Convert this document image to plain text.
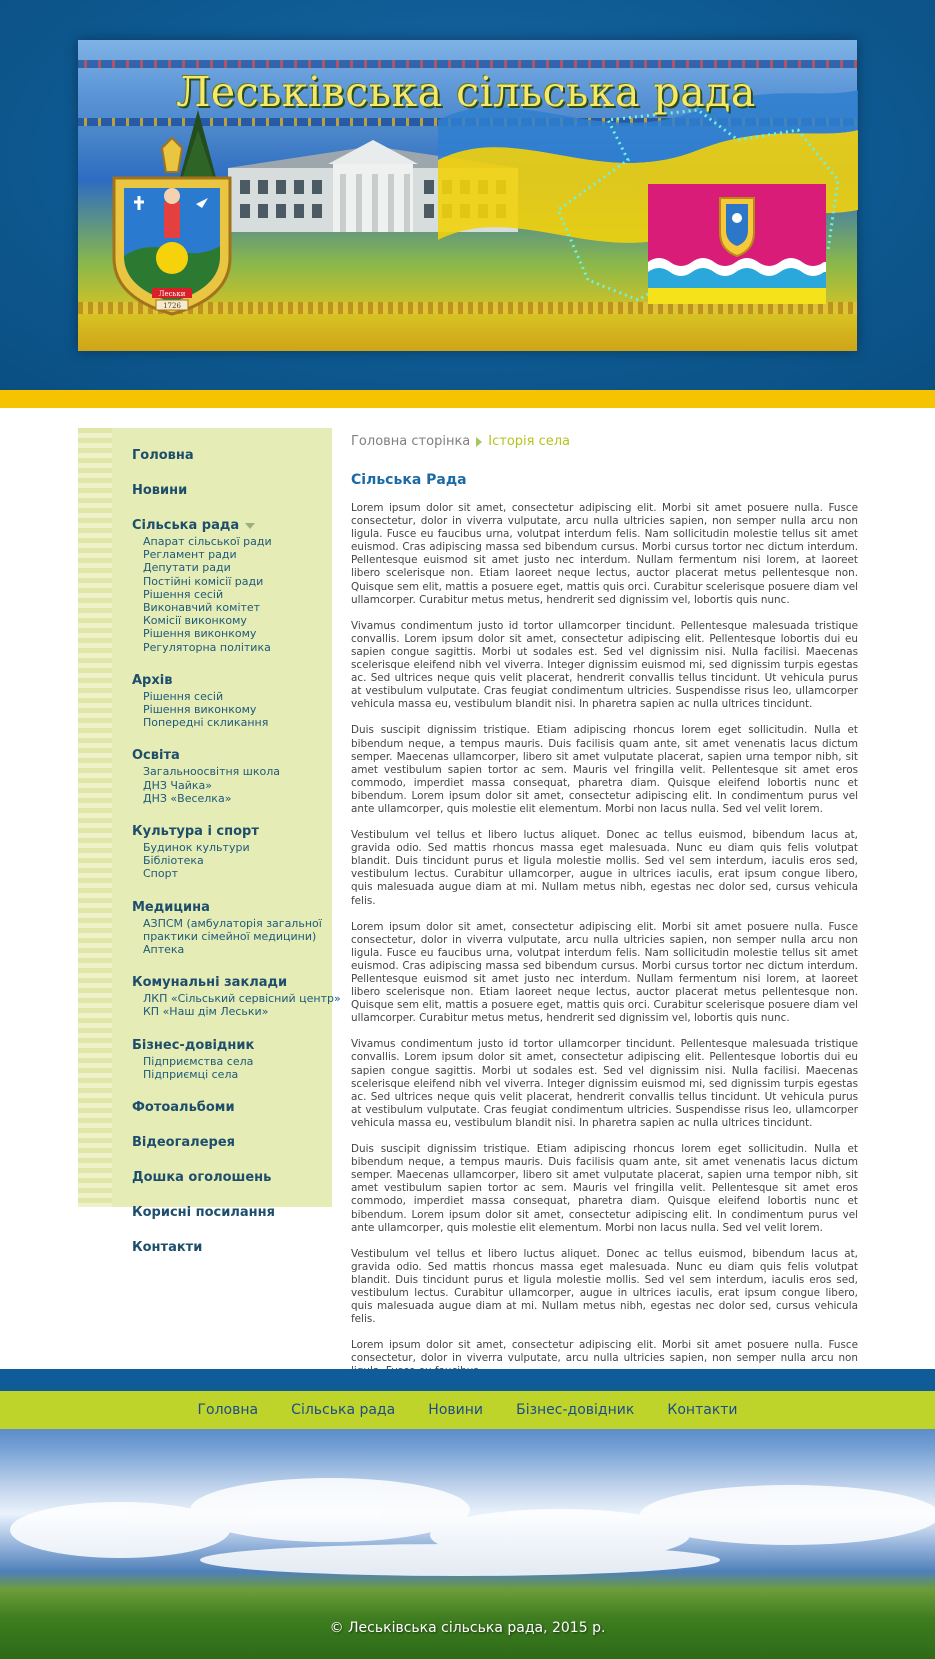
Леськи
1726
Леськівська сільська рада
Головна
Новини
Сільська рада
Апарат сільської ради
Регламент ради
Депутати ради
Постійні комісії ради
Рішення сесій
Виконавчий комітет
Комісії виконкому
Рішення виконкому
Регуляторна політика
Архів
Рішення сесій
Рішення виконкому
Попередні скликання
Освіта
Загальноосвітня школа
ДНЗ Чайка»
ДНЗ «Веселка»
Культура і спорт
Будинок культури
Бібліотека
Спорт
Медицина
АЗПСМ (амбулаторія загальної
практики сімейної медицини)
Аптека
Комунальні заклади
ЛКП «Сільський сервісний центр»
КП «Наш дім Леськи»
Бізнес-довідник
Підприємства села
Підприємці села
Фотоальбоми
Відеогалерея
Дошка оголошень
Корисні посилання
Контакти
Головна сторінка Історія села
Сільська Рада

Lorem ipsum dolor sit amet, consectetur adipiscing elit. Morbi sit amet posuere nulla. Fusce consectetur, dolor in viverra vulputate, arcu nulla ultricies sapien, non semper nulla arcu non ligula. Fusce eu faucibus urna, volutpat interdum felis. Nam sollicitudin molestie tellus sit amet euismod. Cras adipiscing massa sed bibendum cursus. Morbi cursus tortor nec dictum interdum. Pellentesque euismod sit amet justo nec interdum. Nullam fermentum nisi lorem, at laoreet libero scelerisque non. Etiam laoreet neque lectus, auctor placerat metus pellentesque non. Quisque sem elit, mattis a posuere eget, mattis quis orci. Curabitur scelerisque posuere diam vel ullamcorper. Curabitur metus metus, hendrerit sed dignissim vel, lobortis quis nunc.

Vivamus condimentum justo id tortor ullamcorper tincidunt. Pellentesque malesuada tristique convallis. Lorem ipsum dolor sit amet, consectetur adipiscing elit. Pellentesque lobortis dui eu sapien congue sagittis. Morbi ut sodales est. Sed vel dignissim nisi. Nulla facilisi. Maecenas scelerisque eleifend nibh vel viverra. Integer dignissim euismod mi, sed dignissim turpis egestas ac. Sed ultrices neque quis velit placerat, hendrerit convallis tellus tincidunt. Ut vehicula purus at vestibulum vulputate. Cras feugiat condimentum ultricies. Suspendisse risus leo, ullamcorper vehicula massa eu, vestibulum blandit nisi. In pharetra sapien ac nulla ultrices tincidunt.

Duis suscipit dignissim tristique. Etiam adipiscing rhoncus lorem eget sollicitudin. Nulla et bibendum neque, a tempus mauris. Duis facilisis quam ante, sit amet venenatis lacus dictum semper. Maecenas ullamcorper, libero sit amet vulputate placerat, sapien urna tempor nibh, sit amet vestibulum sapien tortor ac sem. Mauris vel fringilla velit. Pellentesque sit amet eros commodo, imperdiet massa consequat, pharetra diam. Quisque eleifend lobortis nunc et bibendum. Lorem ipsum dolor sit amet, consectetur adipiscing elit. In condimentum purus vel ante ullamcorper, quis molestie elit elementum. Morbi non lacus nulla. Sed vel velit lorem.

Vestibulum vel tellus et libero luctus aliquet. Donec ac tellus euismod, bibendum lacus at, gravida odio. Sed mattis rhoncus massa eget malesuada. Nunc eu diam quis felis volutpat blandit. Duis tincidunt purus et ligula molestie mollis. Sed vel sem interdum, iaculis eros sed, vestibulum lectus. Curabitur ullamcorper, augue in ultrices iaculis, erat ipsum congue libero, quis malesuada augue diam at mi. Nullam metus nibh, egestas nec dolor sed, cursus vehicula felis.

Lorem ipsum dolor sit amet, consectetur adipiscing elit. Morbi sit amet posuere nulla. Fusce consectetur, dolor in viverra vulputate, arcu nulla ultricies sapien, non semper nulla arcu non ligula. Fusce eu faucibus urna, volutpat interdum felis. Nam sollicitudin molestie tellus sit amet euismod. Cras adipiscing massa sed bibendum cursus. Morbi cursus tortor nec dictum interdum. Pellentesque euismod sit amet justo nec interdum. Nullam fermentum nisi lorem, at laoreet libero scelerisque non. Etiam laoreet neque lectus, auctor placerat metus pellentesque non. Quisque sem elit, mattis a posuere eget, mattis quis orci. Curabitur scelerisque posuere diam vel ullamcorper. Curabitur metus metus, hendrerit sed dignissim vel, lobortis quis nunc.

Vivamus condimentum justo id tortor ullamcorper tincidunt. Pellentesque malesuada tristique convallis. Lorem ipsum dolor sit amet, consectetur adipiscing elit. Pellentesque lobortis dui eu sapien congue sagittis. Morbi ut sodales est. Sed vel dignissim nisi. Nulla facilisi. Maecenas scelerisque eleifend nibh vel viverra. Integer dignissim euismod mi, sed dignissim turpis egestas ac. Sed ultrices neque quis velit placerat, hendrerit convallis tellus tincidunt. Ut vehicula purus at vestibulum vulputate. Cras feugiat condimentum ultricies. Suspendisse risus leo, ullamcorper vehicula massa eu, vestibulum blandit nisi. In pharetra sapien ac nulla ultrices tincidunt.

Duis suscipit dignissim tristique. Etiam adipiscing rhoncus lorem eget sollicitudin. Nulla et bibendum neque, a tempus mauris. Duis facilisis quam ante, sit amet venenatis lacus dictum semper. Maecenas ullamcorper, libero sit amet vulputate placerat, sapien urna tempor nibh, sit amet vestibulum sapien tortor ac sem. Mauris vel fringilla velit. Pellentesque sit amet eros commodo, imperdiet massa consequat, pharetra diam. Quisque eleifend lobortis nunc et bibendum. Lorem ipsum dolor sit amet, consectetur adipiscing elit. In condimentum purus vel ante ullamcorper, quis molestie elit elementum. Morbi non lacus nulla. Sed vel velit lorem.

Vestibulum vel tellus et libero luctus aliquet. Donec ac tellus euismod, bibendum lacus at, gravida odio. Sed mattis rhoncus massa eget malesuada. Nunc eu diam quis felis volutpat blandit. Duis tincidunt purus et ligula molestie mollis. Sed vel sem interdum, iaculis eros sed, vestibulum lectus. Curabitur ullamcorper, augue in ultrices iaculis, erat ipsum congue libero, quis malesuada augue diam at mi. Nullam metus nibh, egestas nec dolor sed, cursus vehicula felis.

Lorem ipsum dolor sit amet, consectetur adipiscing elit. Morbi sit amet posuere nulla. Fusce consectetur, dolor in viverra vulputate, arcu nulla ultricies sapien, non semper nulla arcu non

Головна Сільська рада Новини Бізнес-довідник Контакти
© Леськівська сільська рада, 2015 р.
